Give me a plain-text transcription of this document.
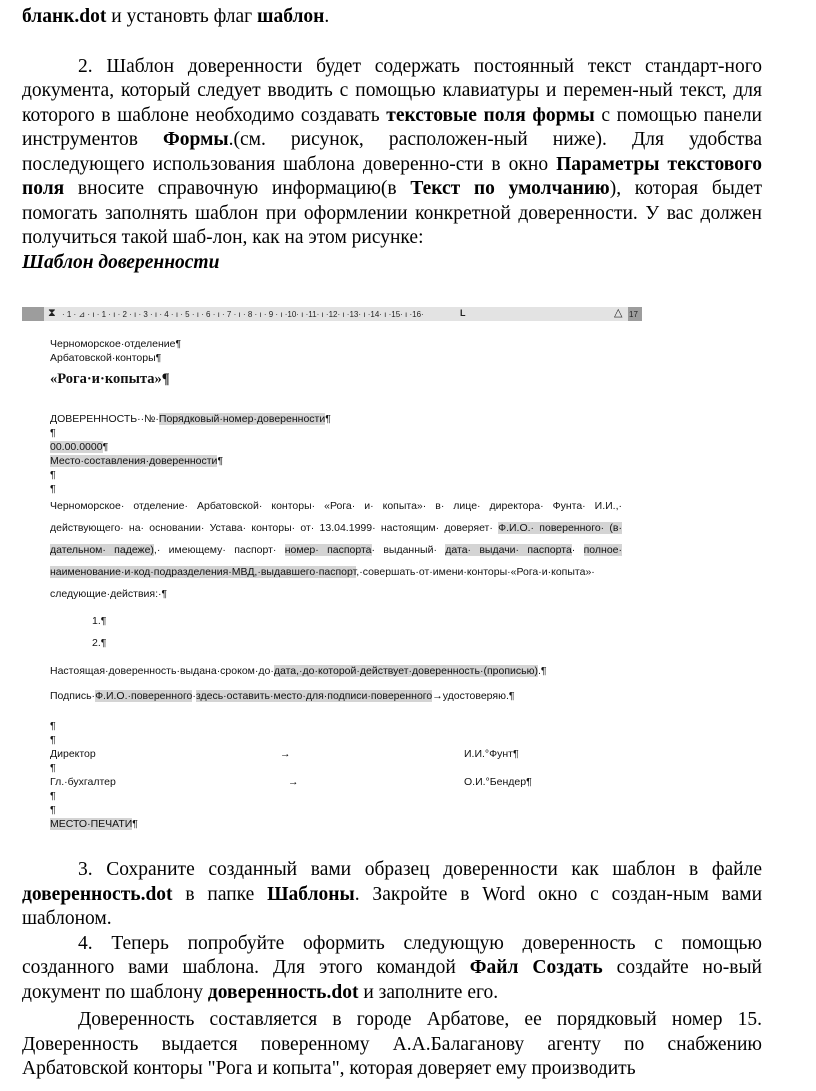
бланк.dot и установть флаг шаблон.

2. Шаблон доверенности будет содержать постоянный текст стандарт-ного документа, который следует вводить с помощью клавиатуры и перемен-ный текст, для которого в шаблоне необходимо создавать текстовые поля формы с помощью панели инструментов Формы.(см. рисунок, расположен-ный ниже). Для удобства последующего использования шаблона доверенно-сти в окно Параметры текстового поля вносите справочную информацию(в Текст по умолчанию), которая быдет помогать заполнять шаблон при оформлении конкретной доверенности. У вас должен получиться такой шаб-лон, как на этом рисунке:

Шаблон доверенности

⧗ · 1 · ⊿ · ı · 1 · ı · 2 · ı · 3 · ı · 4 · ı · 5 · ı · 6 · ı · 7 · ı · 8 · ı · 9 · ı ·10· ı ·11· ı ·12· ı ·13· ı ·14· ı ·15· ı ·16·	L	△ 17
Черноморское·отделение¶
Арбатовской·конторы¶
«Рога·и·копыта»¶
ДОВЕРЕННОСТЬ··№·Порядковый·номер·доверенности¶
¶
00.00.0000¶
Место·составления·доверенности¶
¶
¶
Черноморское· отделение· Арбатовской· конторы· «Рога· и· копыта»· в· лице· директора· Фунта· И.И.,· действующего· на· основании· Устава· конторы· от· 13.04.1999· настоящим· доверяет· Ф.И.О.· поверенного· (в· дательном· падеже),· имеющему· паспорт· номер· паспорта· выданный· дата· выдачи· паспорта· полное· наименование·и·код·подразделения·МВД,·выдавшего·паспорт,·совершать·от·имени·конторы·«Рога·и·копыта»· следующие·действия:·¶
1.¶
2.¶
Настоящая·доверенность·выдана·сроком·до·дата,·до·которой·действует·доверенность·(прописью).¶
Подпись·Ф.И.О.·поверенного·здесь·оставить·место·для·подписи·поверенного→удостоверяю.¶
¶
¶
Директор	→	И.И.°Фунт¶
¶
Гл.·бухгалтер	→	О.И.°Бендер¶
¶
¶
МЕСТО·ПЕЧАТИ¶

3. Сохраните созданный вами образец доверенности как шаблон в файле доверенность.dot в папке Шаблоны. Закройте в Word окно с создан-ным вами шаблоном.

4. Теперь попробуйте оформить следующую доверенность с помощью созданного вами шаблона. Для этого командой Файл Создать создайте но-вый документ по шаблону доверенность.dot и заполните его.

Доверенность составляется в городе Арбатове, ее порядковый номер 15. Доверенность выдается поверенному А.А.Балаганову агенту по снабжению Арбатовской конторы "Рога и копыта", которая доверяет ему производить
